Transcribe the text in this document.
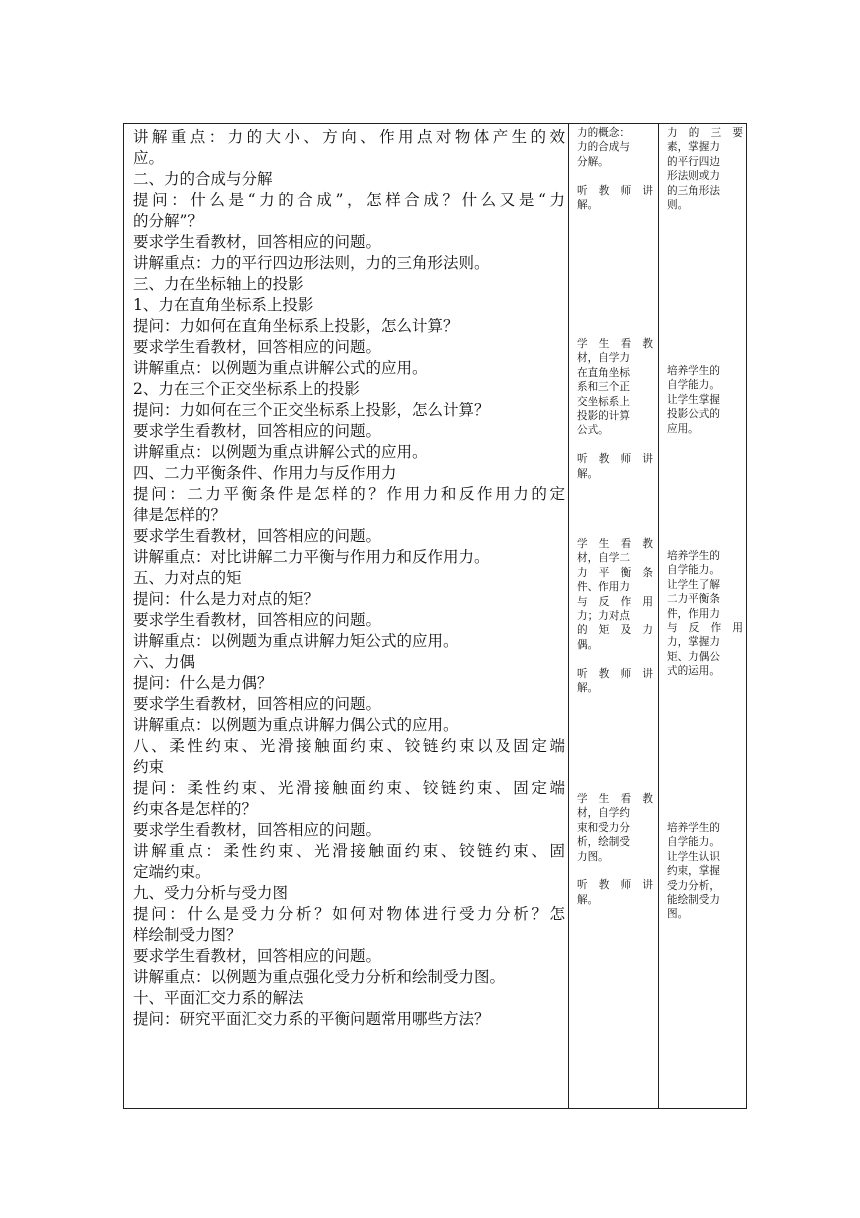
讲解重点：力的大小、方向、作用点对物体产生的效
应。
二、力的合成与分解
提问：什么是“力的合成”，怎样合成？什么又是“力
的分解”？
要求学生看教材，回答相应的问题。
讲解重点：力的平行四边形法则，力的三角形法则。
三、力在坐标轴上的投影
1、力在直角坐标系上投影
提问：力如何在直角坐标系上投影，怎么计算？
要求学生看教材，回答相应的问题。
讲解重点：以例题为重点讲解公式的应用。
2、力在三个正交坐标系上的投影
提问：力如何在三个正交坐标系上投影，怎么计算？
要求学生看教材，回答相应的问题。
讲解重点：以例题为重点讲解公式的应用。
四、二力平衡条件、作用力与反作用力
提问：二力平衡条件是怎样的？作用力和反作用力的定
律是怎样的？
要求学生看教材，回答相应的问题。
讲解重点：对比讲解二力平衡与作用力和反作用力。
五、力对点的矩
提问：什么是力对点的矩？
要求学生看教材，回答相应的问题。
讲解重点：以例题为重点讲解力矩公式的应用。
六、力偶
提问：什么是力偶？
要求学生看教材，回答相应的问题。
讲解重点：以例题为重点讲解力偶公式的应用。
八、柔性约束、光滑接触面约束、铰链约束以及固定端
约束
提问：柔性约束、光滑接触面约束、铰链约束、固定端
约束各是怎样的？
要求学生看教材，回答相应的问题。
讲解重点：柔性约束、光滑接触面约束、铰链约束、固
定端约束。
九、受力分析与受力图
提问：什么是受力分析？如何对物体进行受力分析？怎
样绘制受力图？
要求学生看教材，回答相应的问题。
讲解重点：以例题为重点强化受力分析和绘制受力图。
十、平面汇交力系的解法
提问：研究平面汇交力系的平衡问题常用哪些方法？
力的概念：
力的合成与
分解。
听 教 师 讲
解。
学 生 看 教
材，自学力
在直角坐标
系和三个正
交坐标系上
投影的计算
公式。
听 教 师 讲
解。
学 生 看 教
材，自学二
力 平 衡 条
件、作用力
与 反 作 用
力；力对点
的 矩 及 力
偶。
听 教 师 讲
解。
学 生 看 教
材，自学约
束和受力分
析，绘制受
力图。
听 教 师 讲
解。
力 的 三 要
素，掌握力
的平行四边
形法则或力
的三角形法
则。
培养学生的
自学能力。
让学生掌握
投影公式的
应用。
培养学生的
自学能力。
让学生了解
二力平衡条
件，作用力
与 反 作 用
力，掌握力
矩、力偶公
式的运用。
培养学生的
自学能力。
让学生认识
约束，掌握
受力分析，
能绘制受力
图。
